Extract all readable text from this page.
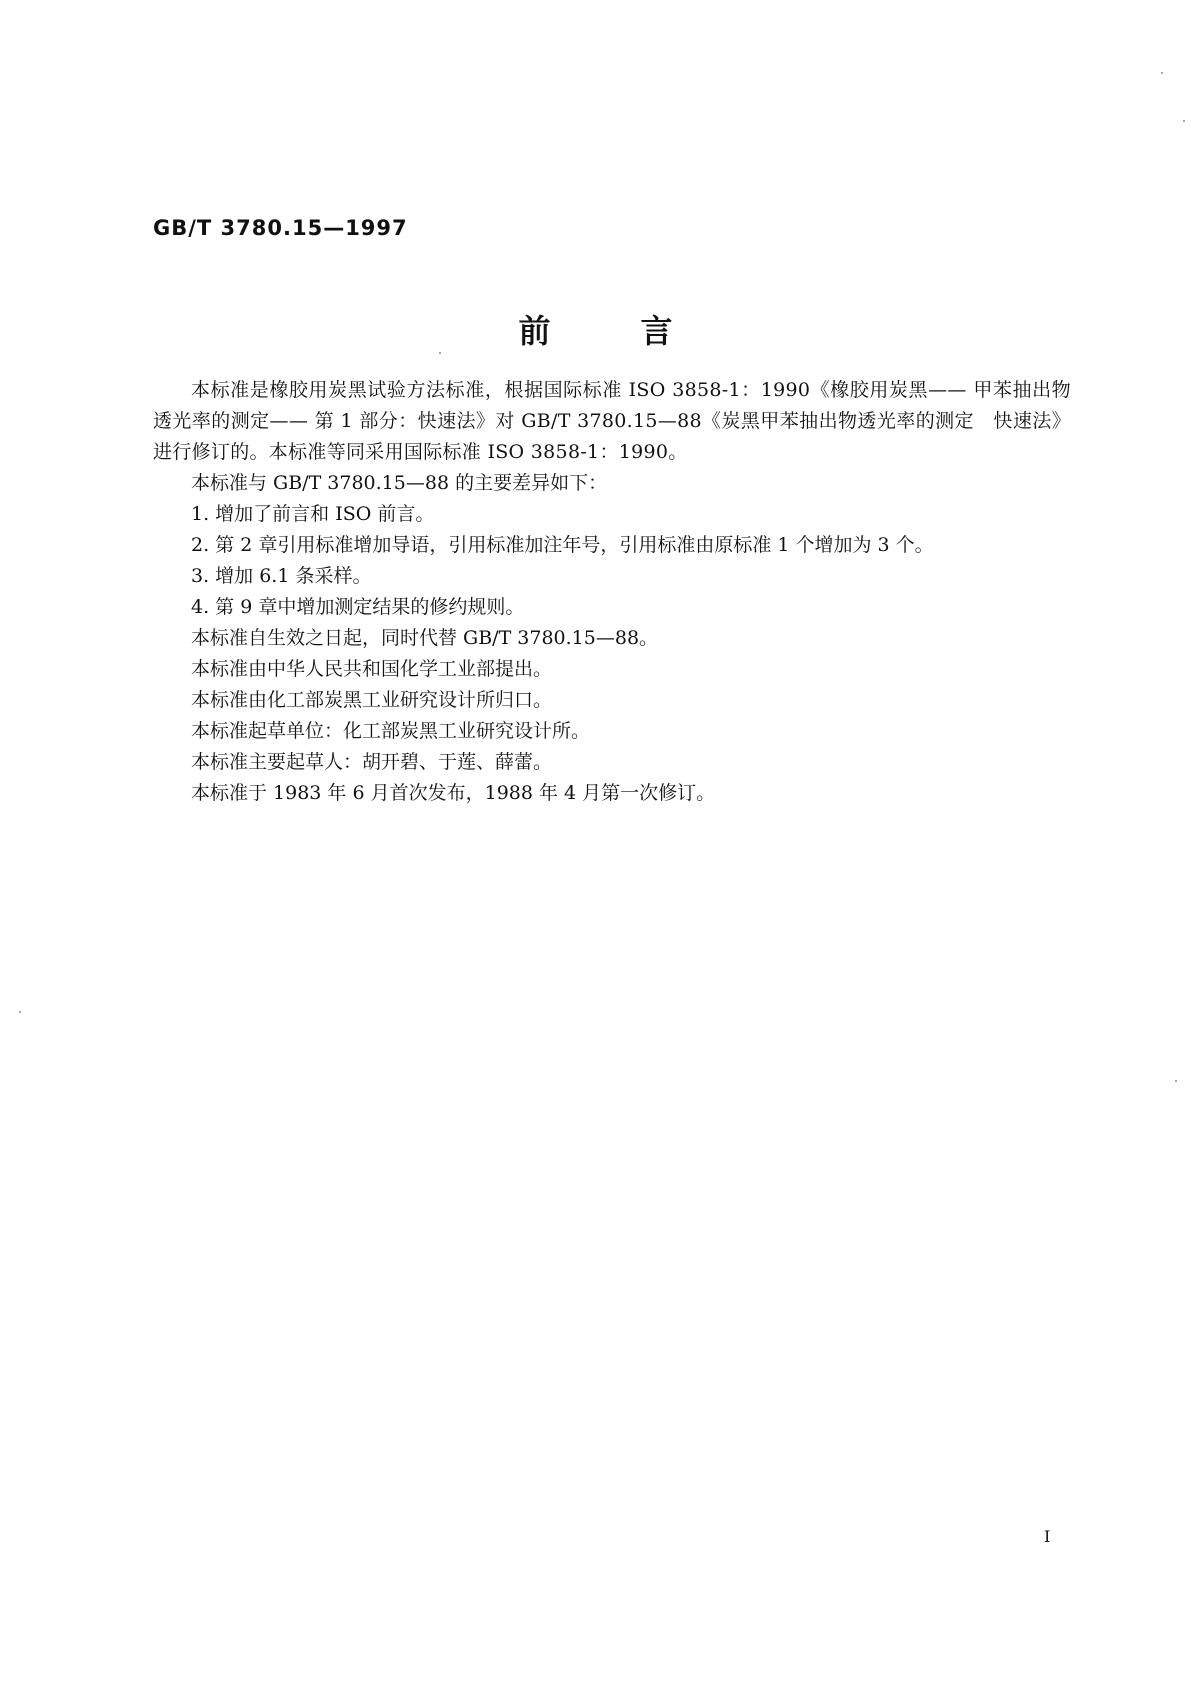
GB/T 3780.15—1997
前言

本标准是橡胶用炭黑试验方法标准，根据国际标准 ISO 3858-1：1990《橡胶用炭黑—— 甲苯抽出物透光率的测定—— 第 1 部分：快速法》对 GB/T 3780.15—88《炭黑甲苯抽出物透光率的测定　快速法》进行修订的。本标准等同采用国际标准 ISO 3858-1：1990。

本标准与 GB/T 3780.15—88 的主要差异如下：

1. 增加了前言和 ISO 前言。

2. 第 2 章引用标准增加导语，引用标准加注年号，引用标准由原标准 1 个增加为 3 个。

3. 增加 6.1 条采样。

4. 第 9 章中增加测定结果的修约规则。

本标准自生效之日起，同时代替 GB/T 3780.15—88。

本标准由中华人民共和国化学工业部提出。

本标准由化工部炭黑工业研究设计所归口。

本标准起草单位：化工部炭黑工业研究设计所。

本标准主要起草人：胡开碧、于莲、薛蕾。

本标准于 1983 年 6 月首次发布，1988 年 4 月第一次修订。

I
